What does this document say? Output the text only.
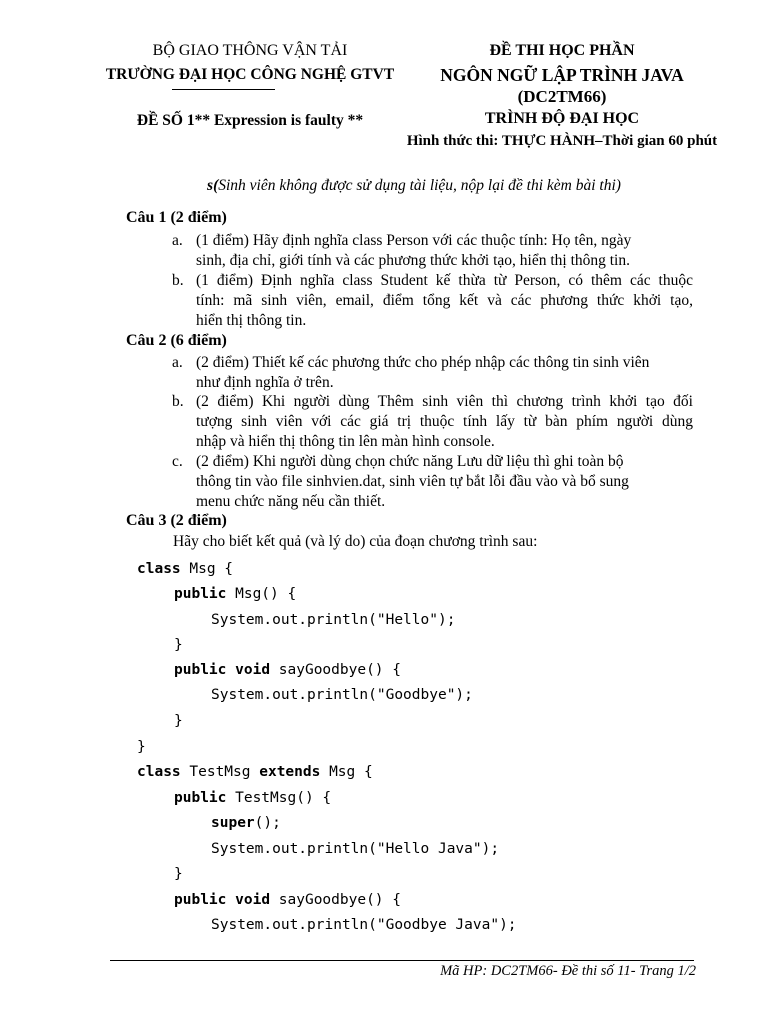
BỘ GIAO THÔNG VẬN TẢI
TRƯỜNG ĐẠI HỌC CÔNG NGHỆ GTVT
ĐỀ SỐ 1** Expression is faulty **
ĐỀ THI HỌC PHẦN
NGÔN NGỮ LẬP TRÌNH JAVA
(DC2TM66)
TRÌNH ĐỘ ĐẠI HỌC
Hình thức thi: THỰC HÀNH–Thời gian 60 phút
s(Sinh viên không được sử dụng tài liệu, nộp lại đề thi kèm bài thi)
Câu 1 (2 điểm)
a. (1 điểm) Hãy định nghĩa class Person với các thuộc tính: Họ tên, ngày
sinh, địa chỉ, giới tính và các phương thức khởi tạo, hiển thị thông tin.
b. (1 điểm) Định nghĩa class Student kế thừa từ Person, có thêm các thuộc
tính: mã sinh viên, email, điểm tổng kết và các phương thức khởi tạo,
hiển thị thông tin.
Câu 2 (6 điểm)
a. (2 điểm) Thiết kế các phương thức cho phép nhập các thông tin sinh viên
như định nghĩa ở trên.
b. (2 điểm) Khi người dùng Thêm sinh viên thì chương trình khởi tạo đối
tượng sinh viên với các giá trị thuộc tính lấy từ bàn phím người dùng
nhập và hiển thị thông tin lên màn hình console.
c. (2 điểm) Khi người dùng chọn chức năng Lưu dữ liệu thì ghi toàn bộ
thông tin vào file sinhvien.dat, sinh viên tự bắt lỗi đầu vào và bổ sung
menu chức năng nếu cần thiết.
Câu 3 (2 điểm)
Hãy cho biết kết quả (và lý do) của đoạn chương trình sau:
class Msg {
public Msg() {
System.out.println("Hello");
}
public void sayGoodbye() {
System.out.println("Goodbye");
}
}
class TestMsg extends Msg {
public TestMsg() {
super();
System.out.println("Hello Java");
}
public void sayGoodbye() {
System.out.println("Goodbye Java");
Mã HP: DC2TM66- Đề thi số 11- Trang 1/2
